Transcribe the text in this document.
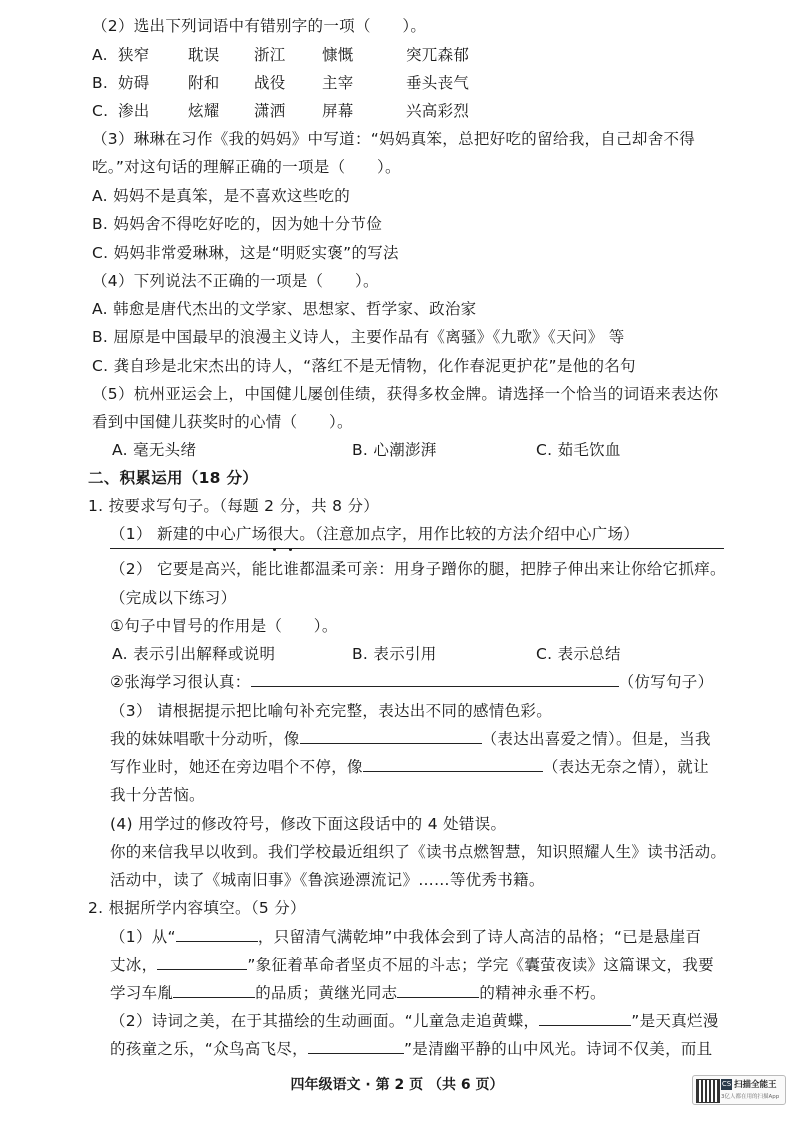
（2）选出下列词语中有错别字的一项（　　）。
A. 狭窄 耽误 浙江 慷慨	突兀森郁
B. 妨碍 附和 战役 主宰	垂头丧气
C. 渗出 炫耀 潇洒 屏幕	兴高彩烈
（3）琳琳在习作《我的妈妈》中写道：“妈妈真笨，总把好吃的留给我，自己却舍不得
吃。”对这句话的理解正确的一项是（　　）。
A. 妈妈不是真笨，是不喜欢这些吃的
B. 妈妈舍不得吃好吃的，因为她十分节俭
C. 妈妈非常爱琳琳，这是“明贬实褒”的写法
（4）下列说法不正确的一项是（　　）。
A. 韩愈是唐代杰出的文学家、思想家、哲学家、政治家
B. 屈原是中国最早的浪漫主义诗人，主要作品有《离骚》《九歌》《天问》 等
C. 龚自珍是北宋杰出的诗人，“落红不是无情物，化作春泥更护花”是他的名句
（5）杭州亚运会上，中国健儿屡创佳绩，获得多枚金牌。请选择一个恰当的词语来表达你
看到中国健儿获奖时的心情（　　）。
A. 毫无头绪	B. 心潮澎湃	C. 茹毛饮血
二、积累运用（18 分）
1. 按要求写句子。（每题 2 分，共 8 分）
（1） 新建的中心广场很大。（注意加点字，用作比较的方法介绍中心广场）
（2） 它要是高兴，能比谁都温柔可亲：用身子蹭你的腿，把脖子伸出来让你给它抓痒。
（完成以下练习）
①句子中冒号的作用是（　　）。
A. 表示引出解释或说明	B. 表示引用	C. 表示总结
②张海学习很认真：	（仿写句子）
（3） 请根据提示把比喻句补充完整，表达出不同的感情色彩。
我的妹妹唱歌十分动听，像	（表达出喜爱之情）。但是，当我
写作业时，她还在旁边唱个不停，像	（表达无奈之情），就让
我十分苦恼。
(4) 用学过的修改符号，修改下面这段话中的 4 处错误。
你的来信我早以收到。我们学校最近组织了《读书点燃智慧，知识照耀人生》读书活动。
活动中，读了《城南旧事》《鲁滨逊漂流记》……等优秀书籍。
2. 根据所学内容填空。（5 分）
（1）从“	，只留清气满乾坤”中我体会到了诗人高洁的品格；“已是悬崖百
丈冰，	”象征着革命者坚贞不屈的斗志；学完《囊萤夜读》这篇课文，我要
学习车胤	的品质；黄继光同志	的精神永垂不朽。
（2）诗词之美，在于其描绘的生动画面。“儿童急走追黄蝶，	”是天真烂漫
的孩童之乐，“众鸟高飞尽，	”是清幽平静的山中风光。诗词不仅美，而且
四年级语文 · 第 2 页 （共 6 页）	CS 扫描全能王
3亿人都在用的扫描App
